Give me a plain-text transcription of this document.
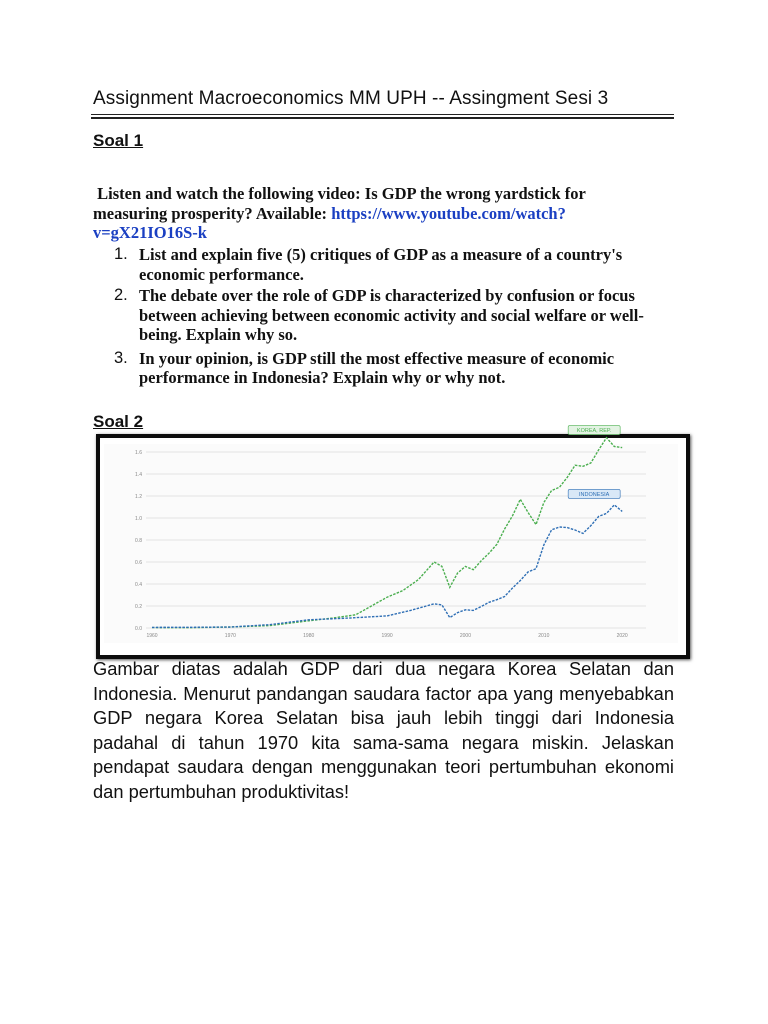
Assignment Macroeconomics MM UPH -- Assingment Sesi 3
Soal 1
Listen and watch the following video: Is GDP the wrong yardstick for
measuring prosperity? Available: https://www.youtube.com/watch?
v=gX21IO16S-k
1. List and explain five (5) critiques of GDP as a measure of a country's economic performance.
2. The debate over the role of GDP is characterized by confusion or focus between achieving between economic activity and social welfare or well-being. Explain why so.
3. In your opinion, is GDP still the most effective measure of economic performance in Indonesia? Explain why or why not.
Soal 2
0.0
0.2
0.4
0.6
0.8
1.0
1.2
1.4
1.6
1960	1970	1980	1990	2000	2010	2020
KOREA, REP.
INDONESIA
Gambar diatas adalah GDP dari dua negara Korea Selatan dan Indonesia. Menurut pandangan saudara factor apa yang menyebabkan GDP negara Korea Selatan bisa jauh lebih tinggi dari Indonesia padahal di tahun 1970 kita sama-sama negara miskin. Jelaskan pendapat saudara dengan menggunakan teori pertumbuhan ekonomi dan pertumbuhan produktivitas!
